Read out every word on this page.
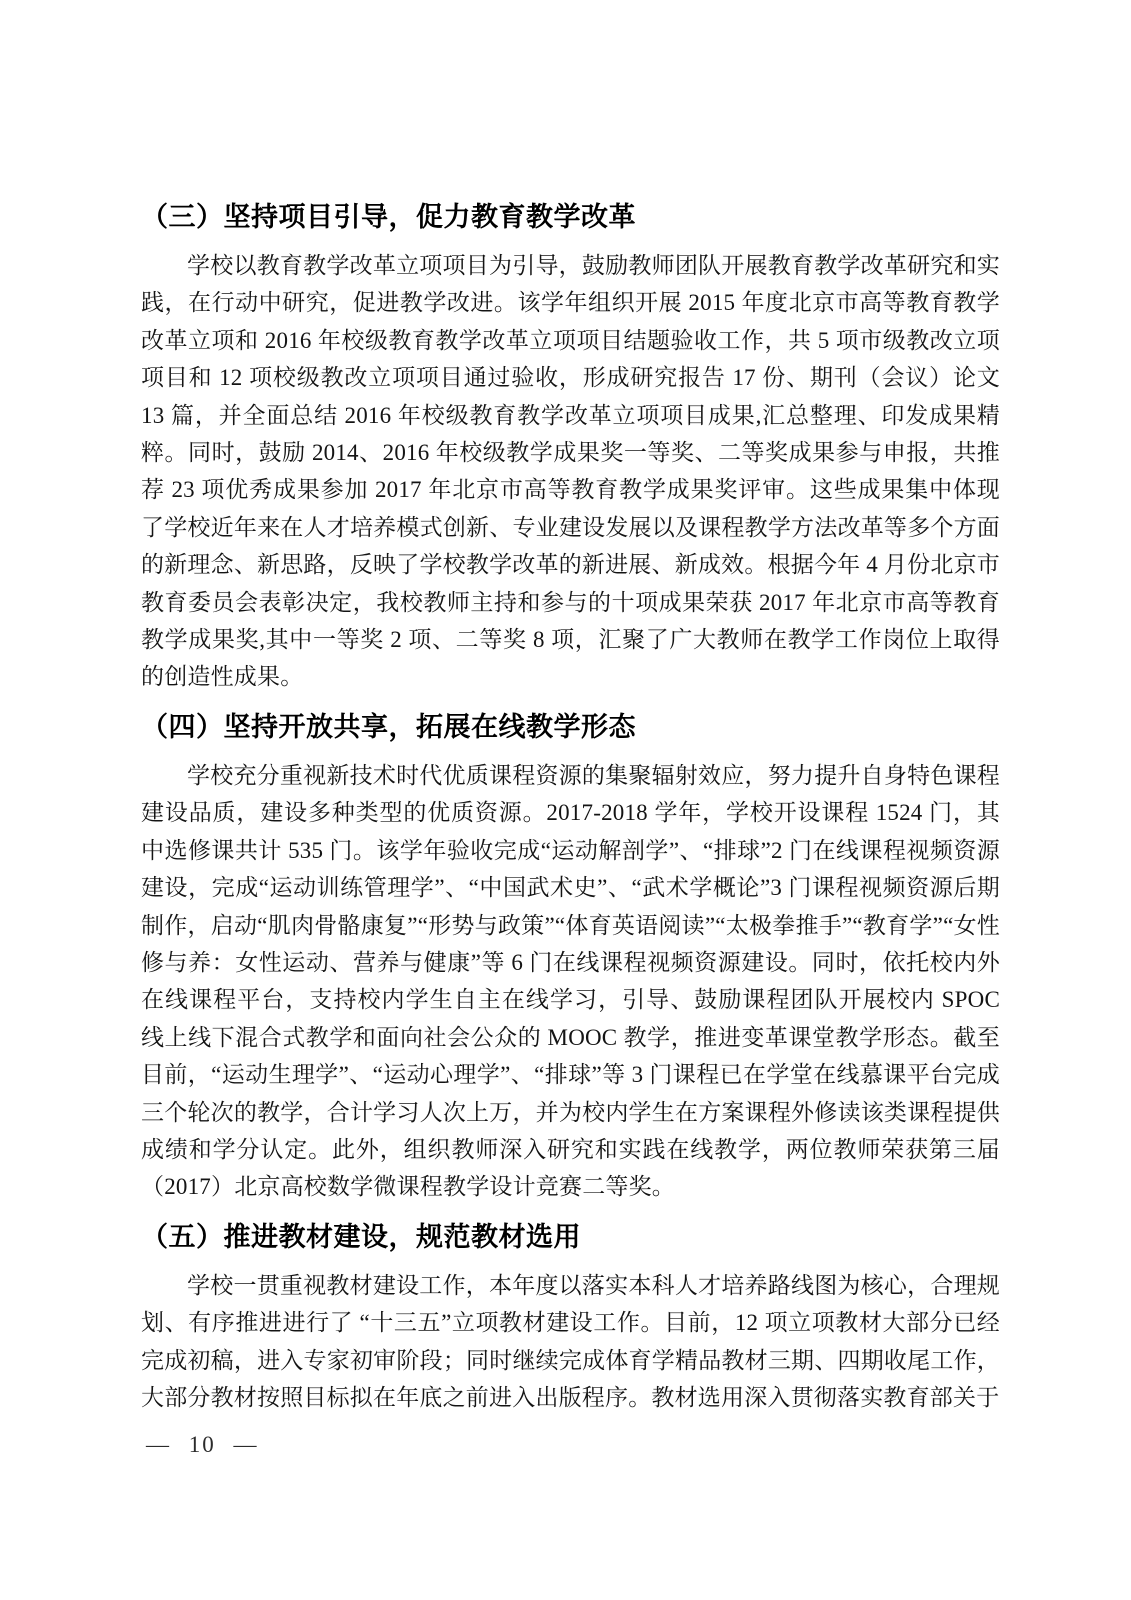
（三）坚持项目引导，促力教育教学改革

学校以教育教学改革立项项目为引导，鼓励教师团队开展教育教学改革研究和实践，在行动中研究，促进教学改进。该学年组织开展 2015 年度北京市高等教育教学改革立项和 2016 年校级教育教学改革立项项目结题验收工作，共 5 项市级教改立项项目和 12 项校级教改立项项目通过验收，形成研究报告 17 份、期刊（会议）论文 13 篇，并全面总结 2016 年校级教育教学改革立项项目成果,汇总整理、印发成果精粹。同时，鼓励 2014、2016 年校级教学成果奖一等奖、二等奖成果参与申报，共推荐 23 项优秀成果参加 2017 年北京市高等教育教学成果奖评审。这些成果集中体现了学校近年来在人才培养模式创新、专业建设发展以及课程教学方法改革等多个方面的新理念、新思路，反映了学校教学改革的新进展、新成效。根据今年 4 月份北京市教育委员会表彰决定，我校教师主持和参与的十项成果荣获 2017 年北京市高等教育教学成果奖,其中一等奖 2 项、二等奖 8 项，汇聚了广大教师在教学工作岗位上取得的创造性成果。

（四）坚持开放共享，拓展在线教学形态

学校充分重视新技术时代优质课程资源的集聚辐射效应，努力提升自身特色课程建设品质，建设多种类型的优质资源。2017-2018 学年，学校开设课程 1524 门，其中选修课共计 535 门。该学年验收完成“运动解剖学”、“排球”2 门在线课程视频资源建设，完成“运动训练管理学”、“中国武术史”、“武术学概论”3 门课程视频资源后期制作，启动“肌肉骨骼康复”“形势与政策”“体育英语阅读”“太极拳推手”“教育学”“女性修与养：女性运动、营养与健康”等 6 门在线课程视频资源建设。同时，依托校内外在线课程平台，支持校内学生自主在线学习，引导、鼓励课程团队开展校内 SPOC 线上线下混合式教学和面向社会公众的 MOOC 教学，推进变革课堂教学形态。截至目前，“运动生理学”、“运动心理学”、“排球”等 3 门课程已在学堂在线慕课平台完成三个轮次的教学，合计学习人次上万，并为校内学生在方案课程外修读该类课程提供成绩和学分认定。此外，组织教师深入研究和实践在线教学，两位教师荣获第三届（2017）北京高校数学微课程教学设计竞赛二等奖。

（五）推进教材建设，规范教材选用

学校一贯重视教材建设工作，本年度以落实本科人才培养路线图为核心，合理规划、有序推进进行了 “十三五”立项教材建设工作。目前，12 项立项教材大部分已经完成初稿，进入专家初审阶段；同时继续完成体育学精品教材三期、四期收尾工作，大部分教材按照目标拟在年底之前进入出版程序。教材选用深入贯彻落实教育部关于

— 10 —
